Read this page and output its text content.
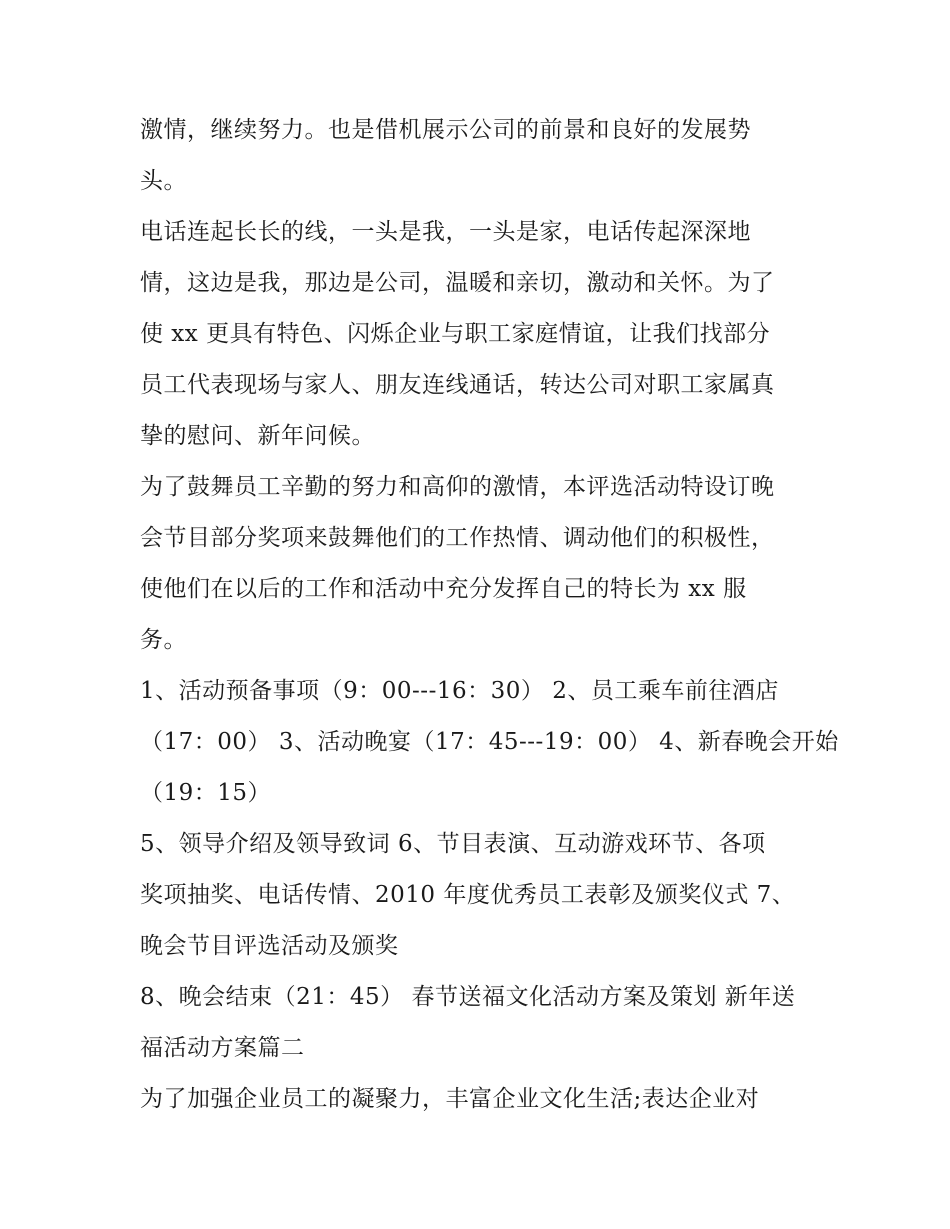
激情，继续努力。也是借机展示公司的前景和良好的发展势
头。
电话连起长长的线，一头是我，一头是家，电话传起深深地
情，这边是我，那边是公司，温暖和亲切，激动和关怀。为了
使 xx 更具有特色、闪烁企业与职工家庭情谊，让我们找部分
员工代表现场与家人、朋友连线通话，转达公司对职工家属真
挚的慰问、新年问候。
为了鼓舞员工辛勤的努力和高仰的激情，本评选活动特设订晚
会节目部分奖项来鼓舞他们的工作热情、调动他们的积极性，
使他们在以后的工作和活动中充分发挥自己的特长为 xx 服
务。
1、活动预备事项（9：00---16：30） 2、员工乘车前往酒店
（17：00） 3、活动晚宴（17：45---19：00） 4、新春晚会开始
（19：15）
5、领导介绍及领导致词 6、节目表演、互动游戏环节、各项
奖项抽奖、电话传情、2010 年度优秀员工表彰及颁奖仪式 7、
晚会节目评选活动及颁奖
8、晚会结束（21：45） 春节送福文化活动方案及策划 新年送
福活动方案篇二
为了加强企业员工的凝聚力，丰富企业文化生活;表达企业对
